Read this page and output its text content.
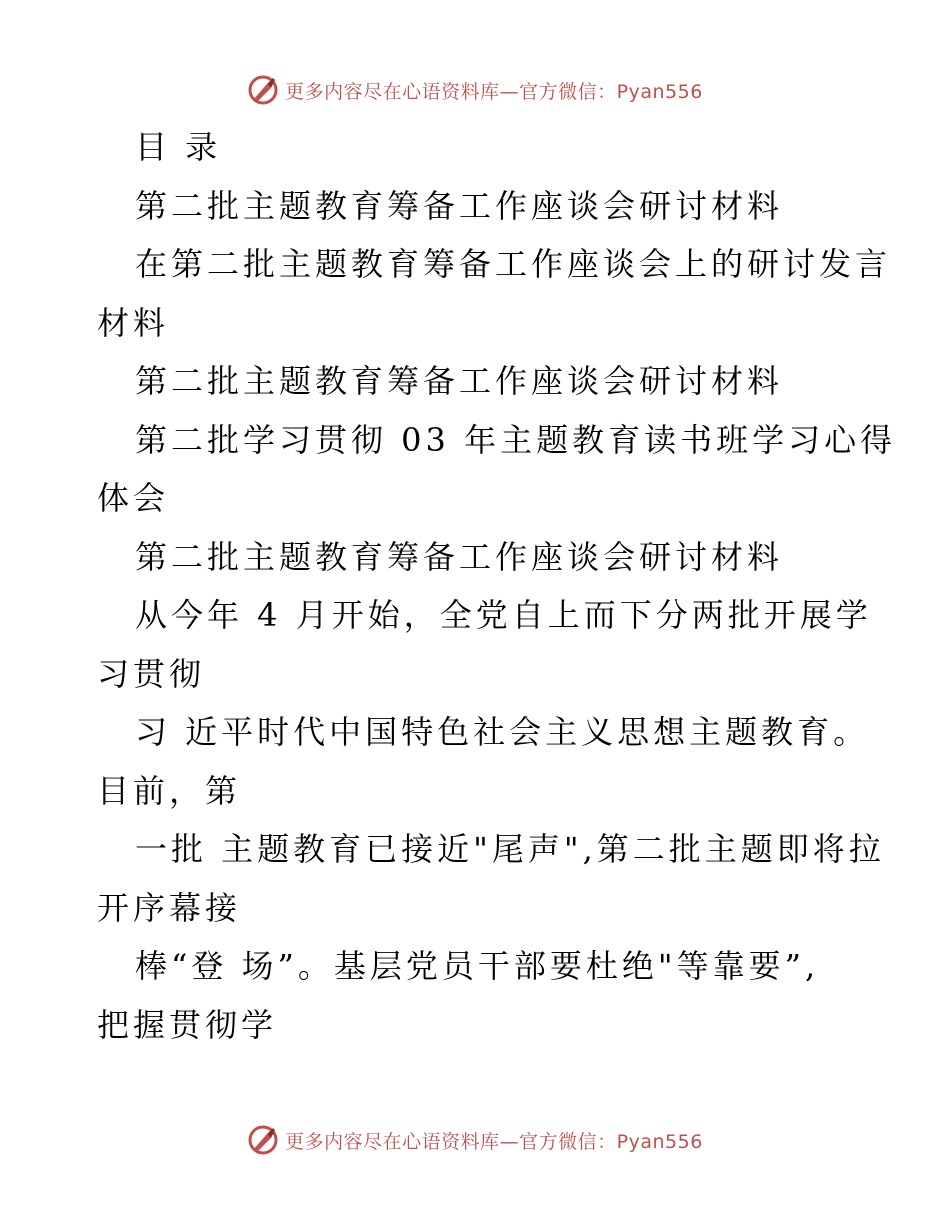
更多内容尽在心语资料库—官方微信：Pyan556
目 录
第二批主题教育筹备工作座谈会研讨材料
在第二批主题教育筹备工作座谈会上的研讨发言
材料
第二批主题教育筹备工作座谈会研讨材料
第二批学习贯彻 03 年主题教育读书班学习心得
体会
第二批主题教育筹备工作座谈会研讨材料
从今年 4 月开始，全党自上而下分两批开展学
习贯彻
习 近平时代中国特色社会主义思想主题教育。
目前，第
一批 主题教育已接近"尾声",第二批主题即将拉
开序幕接
棒“登 场”。基层党员干部要杜绝"等靠要”,
把握贯彻学
更多内容尽在心语资料库—官方微信：Pyan556
